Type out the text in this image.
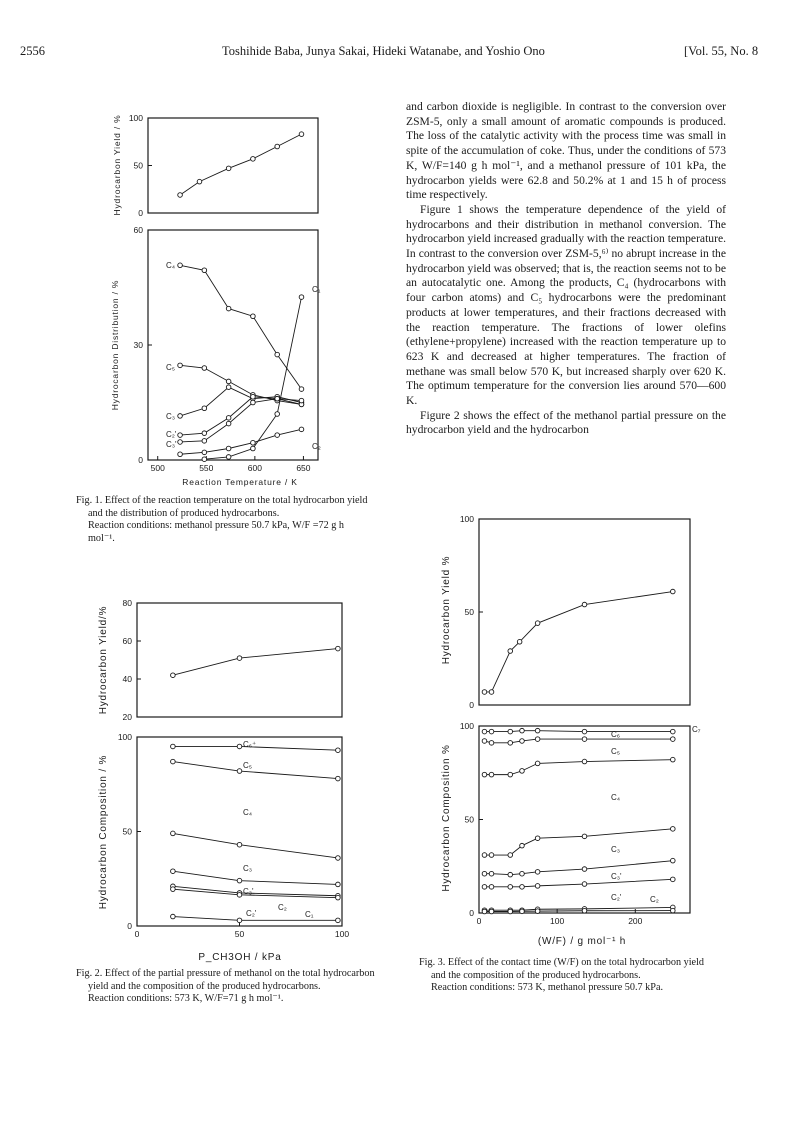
2556	Toshihide Baba, Junya Sakai, Hideki Watanabe, and Yoshio Ono	[Vol. 55, No. 8

and carbon dioxide is negligible. In contrast to the conversion over ZSM-5, only a small amount of aromatic compounds is produced. The loss of the catalytic activity with the process time was small in spite of the accumulation of coke. Thus, under the conditions of 573 K, W/F=140 g h mol⁻¹, and a methanol pressure of 101 kPa, the hydrocarbon yields were 62.8 and 50.2% at 1 and 15 h of process time respectively.

Figure 1 shows the temperature dependence of the yield of hydrocarbons and their distribution in methanol conversion. The hydrocarbon yield increased gradually with the reaction temperature. In contrast to the conversion over ZSM-5,⁶⁾ no abrupt increase in the hydrocarbon yield was observed; that is, the reaction seems not to be an autocatalytic one. Among the products, C₄ (hydrocarbons with four carbon atoms) and C₅ hydrocarbons were the predominant products at lower temperatures, and their fractions decreased with the reaction temperature. The fractions of lower olefins (ethylene+propylene) increased with the reaction temperature up to 623 K and decreased at higher temperatures. The fraction of methane was small below 570 K, but increased sharply over 620 K. The optimum temperature for the conversion lies around 570—600 K.

Figure 2 shows the effect of the methanol partial pressure on the hydrocarbon yield and the hydrocarbon

Hydrocarbon Yield / % 0
50
100
Hydrocarbon Distribution / %
Reaction Temperature / K
0
30
60
500	550	600	650
C₄
C₁
C₅
C₃
C₂'
C₃'	C₂
Fig. 1. Effect of the reaction temperature on the total hydrocarbon yield and the distribution of produced hydrocarbons.
Reaction conditions: methanol pressure 50.7 kPa, W/F =72 g h mol⁻¹.
Hydrocarbon Yield/%
20
40
60
80
Hydrocarbon Composition / %
P_CH3OH / kPa
0
50
100
0	50	100
C₆⁺
C₅
C₄
C₃
C₃'
C₂'
C₂
C₁
Fig. 2. Effect of the partial pressure of methanol on the total hydrocarbon yield and the composition of the produced hydrocarbons.
Reaction conditions: 573 K, W/F=71 g h mol⁻¹.
Hydrocarbon Yield %
0
50
100
Hydrocarbon Composition %
(W/F) / g mol⁻¹ h
0
50
100
0	100	200
C₆
C₇
C₅
C₄
C₃
C₃'
C₂'	C₂
Fig. 3. Effect of the contact time (W/F) on the total hydrocarbon yield and the composition of the produced hydrocarbons.
Reaction conditions: 573 K, methanol pressure 50.7 kPa.
